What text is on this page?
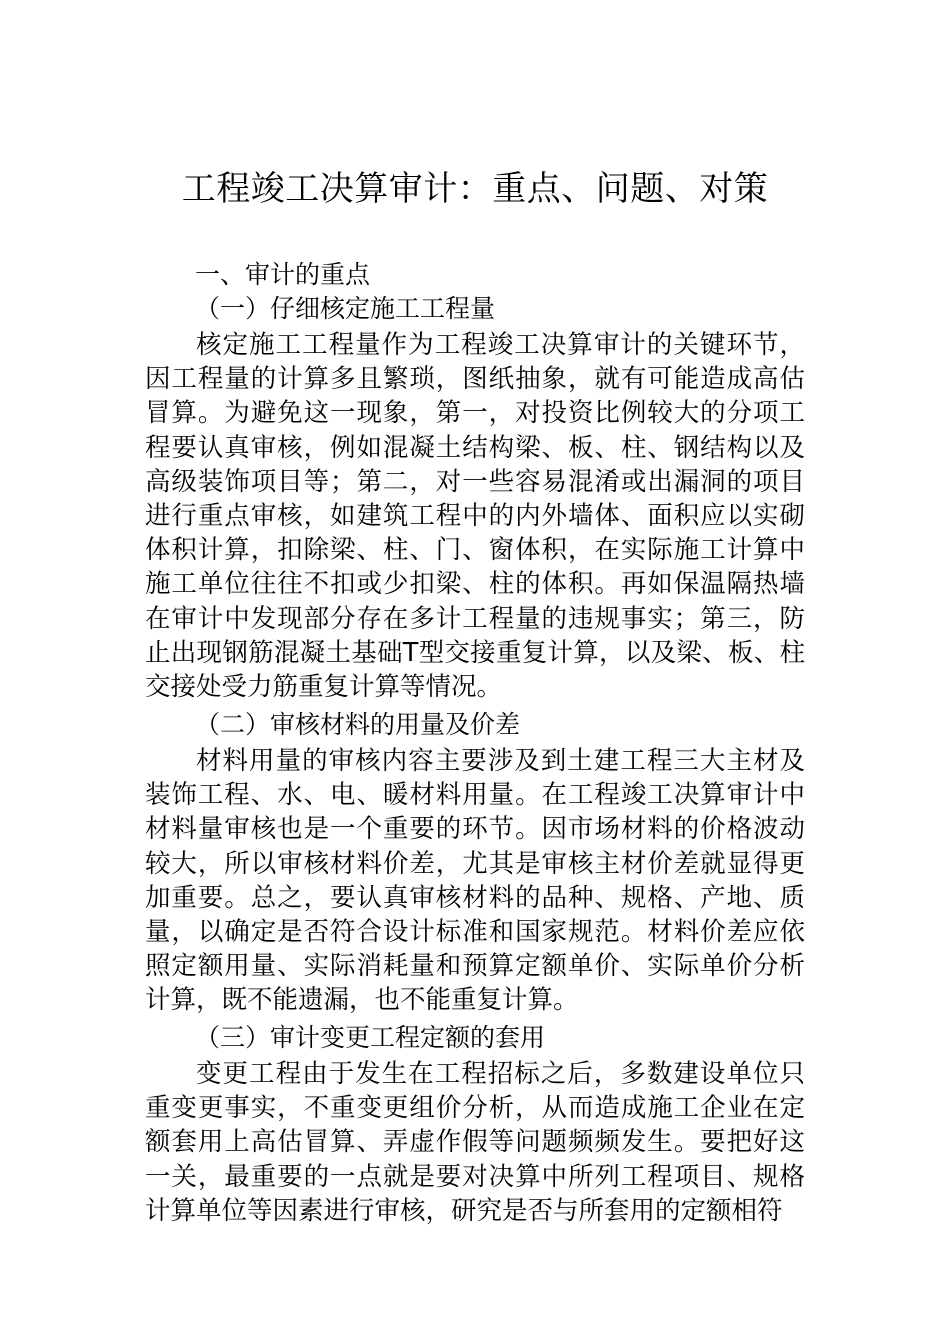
工程竣工决算审计：重点、问题、对策
一、审计的重点
（一）仔细核定施工工程量

核定施工工程量作为工程竣工决算审计的关键环节，因工程量的计算多且繁琐，图纸抽象，就有可能造成高估冒算。为避免这一现象，第一，对投资比例较大的分项工程要认真审核，例如混凝土结构梁、板、柱、钢结构以及高级装饰项目等；第二，对一些容易混淆或出漏洞的项目进行重点审核，如建筑工程中的内外墙体、面积应以实砌体积计算，扣除梁、柱、门、窗体积，在实际施工计算中施工单位往往不扣或少扣梁、柱的体积。再如保温隔热墙在审计中发现部分存在多计工程量的违规事实；第三，防止出现钢筋混凝土基础T型交接重复计算，以及梁、板、柱交接处受力筋重复计算等情况。

（二）审核材料的用量及价差

材料用量的审核内容主要涉及到土建工程三大主材及装饰工程、水、电、暖材料用量。在工程竣工决算审计中材料量审核也是一个重要的环节。因市场材料的价格波动较大，所以审核材料价差，尤其是审核主材价差就显得更加重要。总之，要认真审核材料的品种、规格、产地、质量，以确定是否符合设计标准和国家规范。材料价差应依照定额用量、实际消耗量和预算定额单价、实际单价分析计算，既不能遗漏，也不能重复计算。

（三）审计变更工程定额的套用

变更工程由于发生在工程招标之后，多数建设单位只重变更事实，不重变更组价分析，从而造成施工企业在定额套用上高估冒算、弄虚作假等问题频频发生。要把好这一关，最重要的一点就是要对决算中所列工程项目、规格计算单位等因素进行审核，研究是否与所套用的定额相符
